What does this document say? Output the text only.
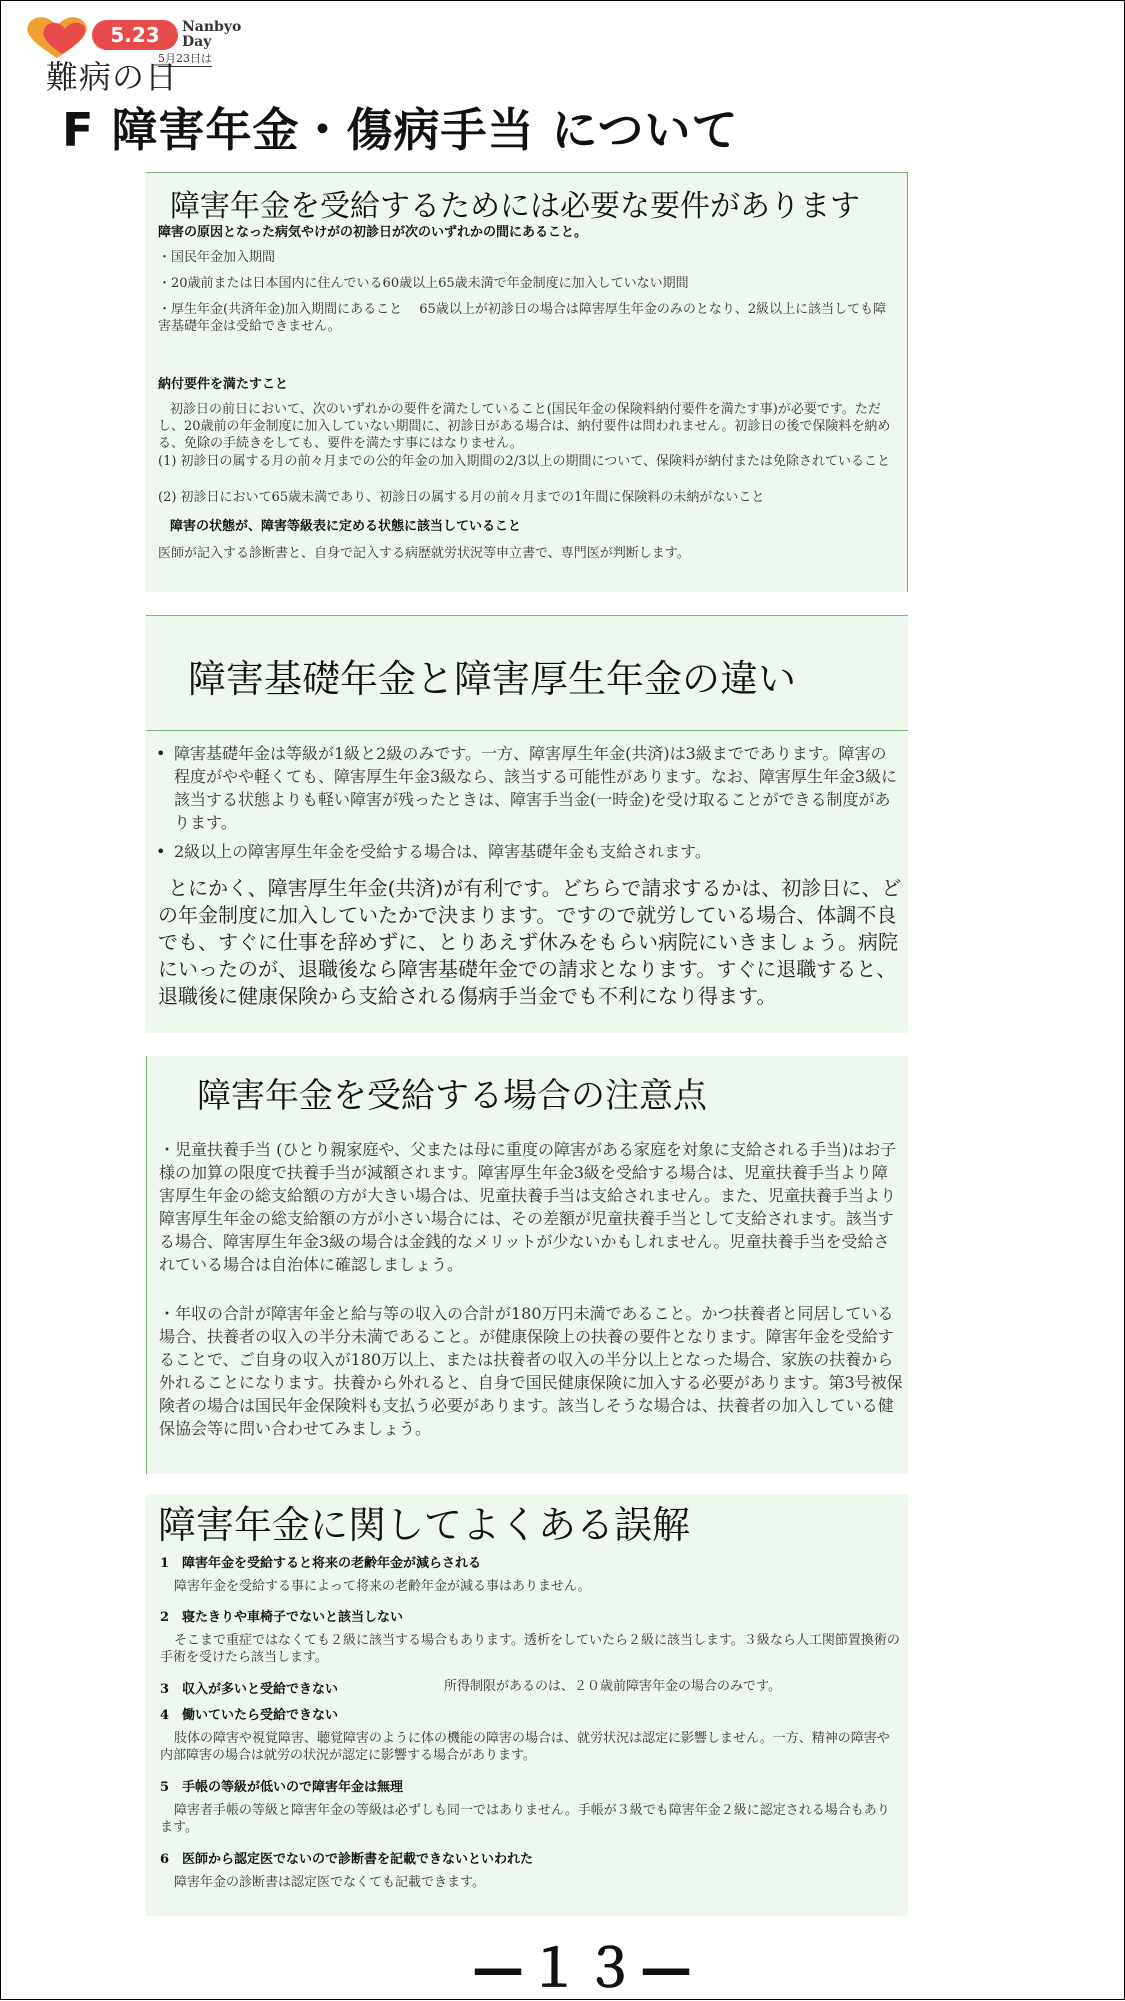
5.23	Nanbyo Day
5月23日は
難病の日
F 障害年金・傷病手当 について
障害年金を受給するためには必要な要件があります
障害の原因となった病気やけがの初診日が次のいずれかの間にあること。
・国民年金加入期間
・20歳前または日本国内に住んでいる60歳以上65歳未満で年金制度に加入していない期間
・厚生年金(共済年金)加入期間にあること　 65歳以上が初診日の場合は障害厚生年金のみのとなり、2級以上に該当しても障害基礎年金は受給できません。
納付要件を満たすこと
初診日の前日において、次のいずれかの要件を満たしていること(国民年金の保険料納付要件を満たす事)が必要です。ただし、20歳前の年金制度に加入していない期間に、初診日がある場合は、納付要件は問われません。初診日の後で保険料を納める、免除の手続きをしても、要件を満たす事にはなりません。
(1) 初診日の属する月の前々月までの公的年金の加入期間の2/3以上の期間について、保険料が納付または免除されていること
(2) 初診日において65歳未満であり、初診日の属する月の前々月までの1年間に保険料の未納がないこと
障害の状態が、障害等級表に定める状態に該当していること
医師が記入する診断書と、自身で記入する病歴就労状況等申立書で、専門医が判断します。
障害基礎年金と障害厚生年金の違い
• 障害基礎年金は等級が1級と2級のみです。一方、障害厚生年金(共済)は3級までであります。障害の程度がやや軽くても、障害厚生年金3級なら、該当する可能性があります。なお、障害厚生年金3級に該当する状態よりも軽い障害が残ったときは、障害手当金(一時金)を受け取ることができる制度があります。
• 2級以上の障害厚生年金を受給する場合は、障害基礎年金も支給されます。
とにかく、障害厚生年金(共済)が有利です。どちらで請求するかは、初診日に、どの年金制度に加入していたかで決まります。ですので就労している場合、体調不良でも、すぐに仕事を辞めずに、とりあえず休みをもらい病院にいきましょう。病院にいったのが、退職後なら障害基礎年金での請求となります。すぐに退職すると、退職後に健康保険から支給される傷病手当金でも不利になり得ます。
障害年金を受給する場合の注意点
・児童扶養手当 (ひとり親家庭や、父または母に重度の障害がある家庭を対象に支給される手当)はお子様の加算の限度で扶養手当が減額されます。障害厚生年金3級を受給する場合は、児童扶養手当より障害厚生年金の総支給額の方が大きい場合は、児童扶養手当は支給されません。また、児童扶養手当より障害厚生年金の総支給額の方が小さい場合には、その差額が児童扶養手当として支給されます。該当する場合、障害厚生年金3級の場合は金銭的なメリットが少ないかもしれません。児童扶養手当を受給されている場合は自治体に確認しましょう。
・年収の合計が障害年金と給与等の収入の合計が180万円未満であること。かつ扶養者と同居している場合、扶養者の収入の半分未満であること。が健康保険上の扶養の要件となります。障害年金を受給することで、ご自身の収入が180万以上、または扶養者の収入の半分以上となった場合、家族の扶養から外れることになります。扶養から外れると、自身で国民健康保険に加入する必要があります。第3号被保険者の場合は国民年金保険料も支払う必要があります。該当しそうな場合は、扶養者の加入している健保協会等に問い合わせてみましょう。
障害年金に関してよくある誤解
1　障害年金を受給すると将来の老齢年金が減らされる
障害年金を受給する事によって将来の老齢年金が減る事はありません。
2　寝たきりや車椅子でないと該当しない
そこまで重症ではなくても２級に該当する場合もあります。透析をしていたら２級に該当します。３級なら人工関節置換術の手術を受けたら該当します。
3　収入が多いと受給できない	所得制限があるのは、２０歳前障害年金の場合のみです。
4　働いていたら受給できない
肢体の障害や視覚障害、聴覚障害のように体の機能の障害の場合は、就労状況は認定に影響しません。一方、精神の障害や内部障害の場合は就労の状況が認定に影響する場合があります。
5　手帳の等級が低いので障害年金は無理
障害者手帳の等級と障害年金の等級は必ずしも同一ではありません。手帳が３級でも障害年金２級に認定される場合もあります。
6　医師から認定医でないので診断書を記載できないといわれた
障害年金の診断書は認定医でなくても記載できます。
—１３—
